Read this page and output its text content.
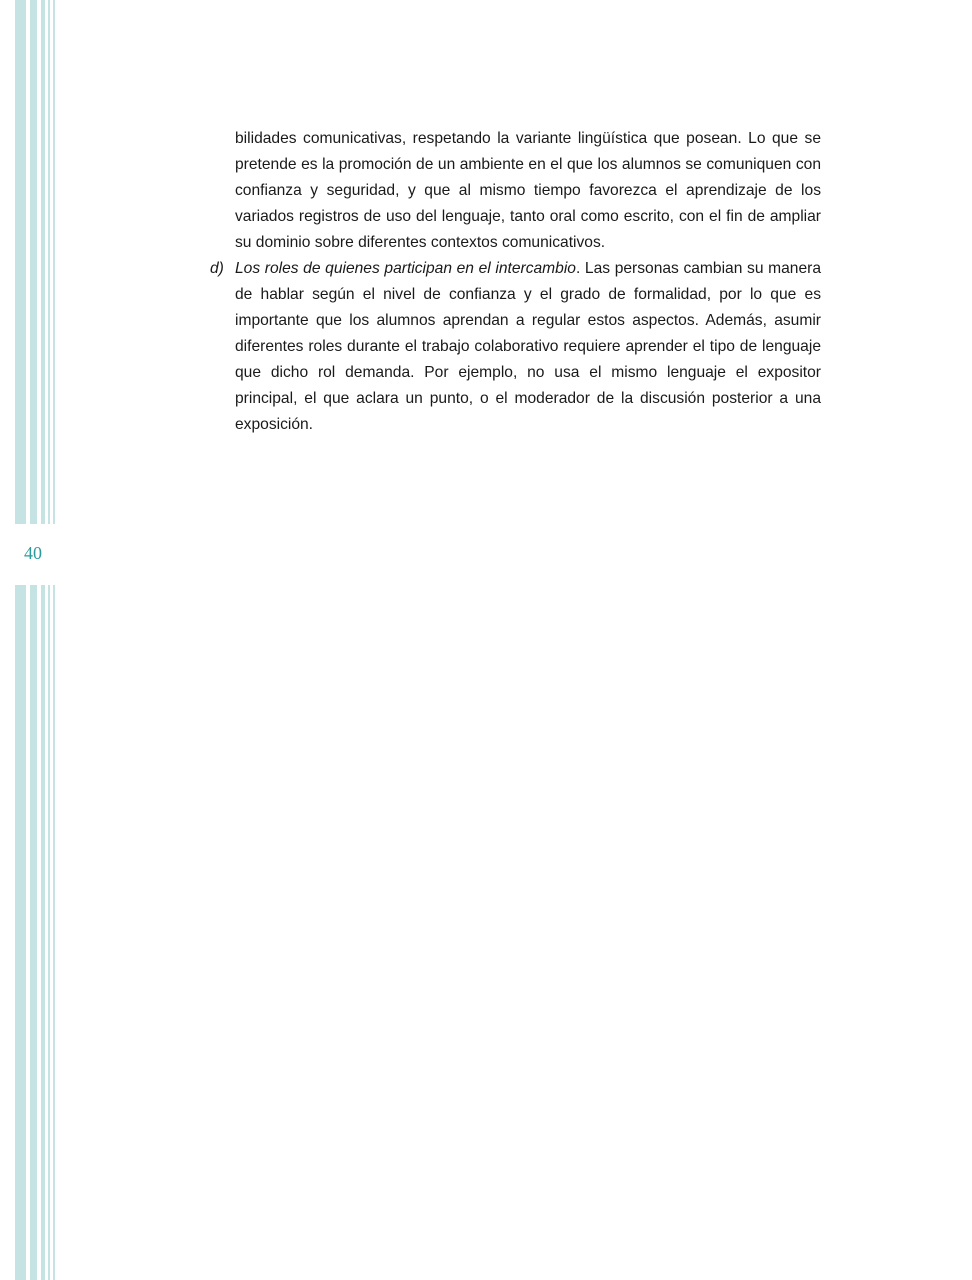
40

bilidades comunicativas, respetando la variante lingüística que posean. Lo que se pretende es la promoción de un ambiente en el que los alumnos se comuniquen con confianza y seguridad, y que al mismo tiempo favorezca el aprendizaje de los variados registros de uso del lenguaje, tanto oral como escrito, con el fin de ampliar su dominio sobre diferentes contextos comunicativos.

d) Los roles de quienes participan en el intercambio. Las personas cambian su manera de hablar según el nivel de confianza y el grado de formalidad, por lo que es importante que los alumnos aprendan a regular estos aspectos. Además, asumir diferentes roles durante el trabajo colaborativo requiere aprender el tipo de lenguaje que dicho rol demanda. Por ejemplo, no usa el mismo lenguaje el expositor principal, el que aclara un punto, o el moderador de la discusión posterior a una exposición.
